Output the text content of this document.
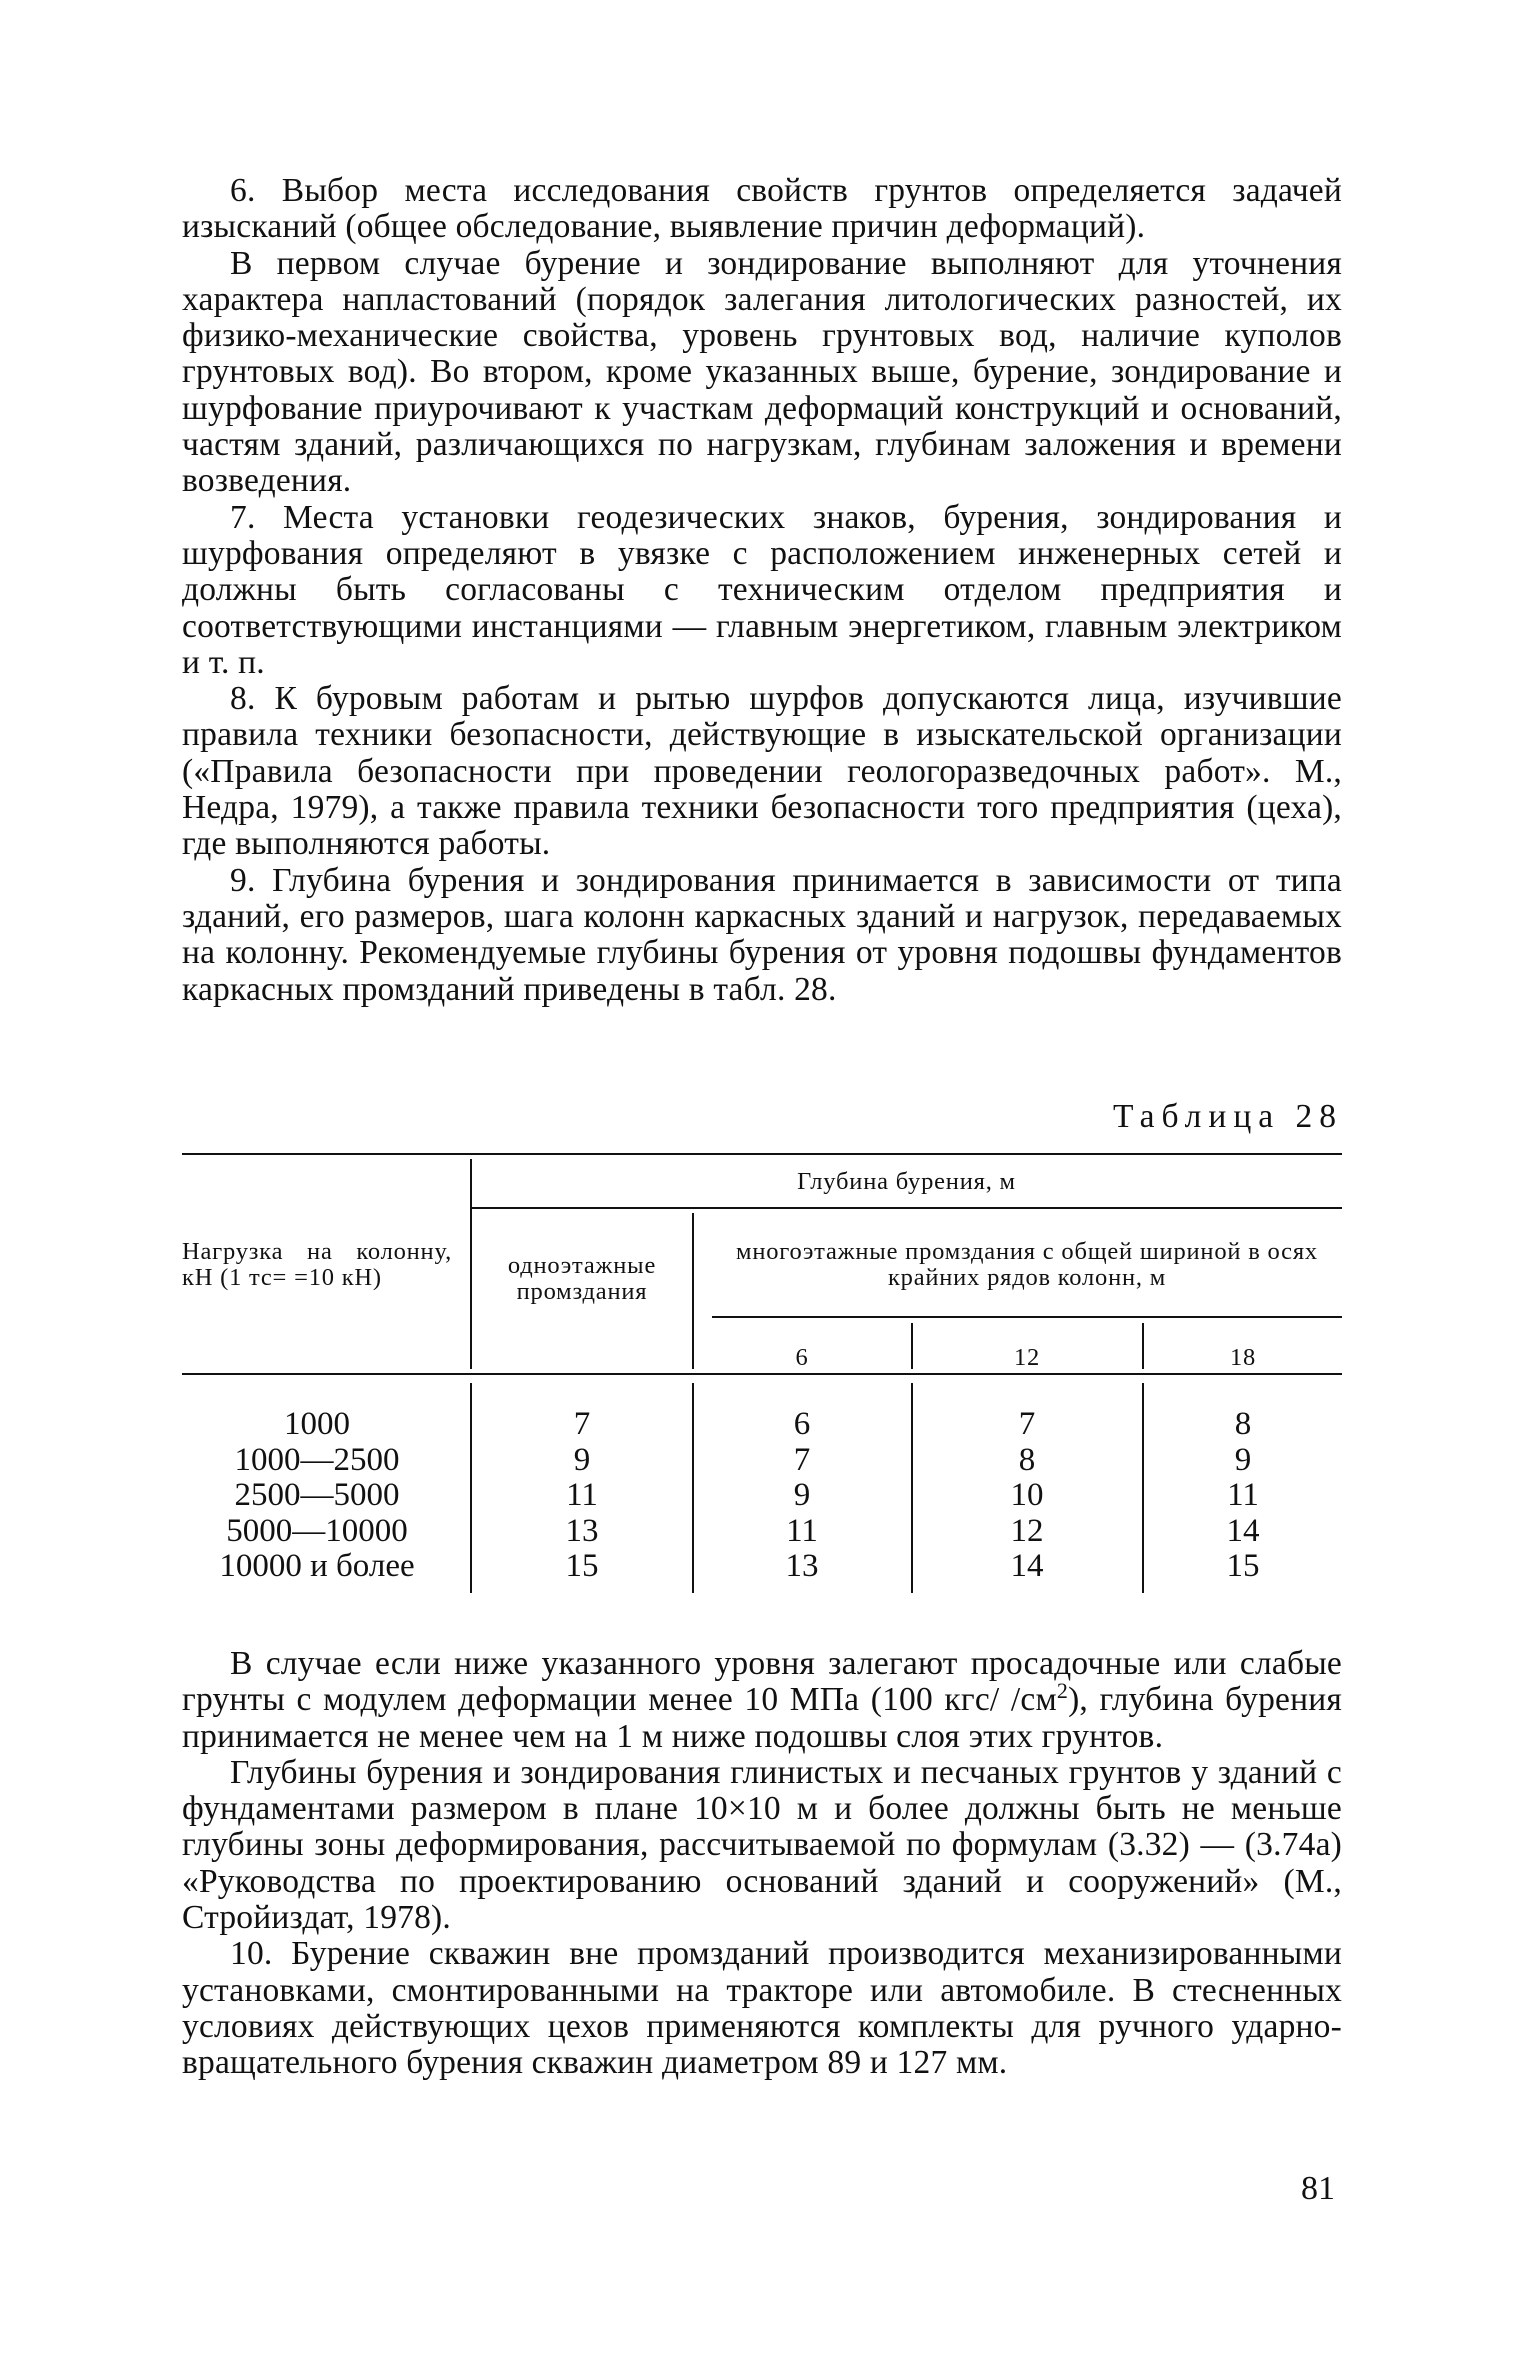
6. Выбор места исследования свойств грунтов определяется задачей изысканий (общее обследование, выявление причин деформаций).

В первом случае бурение и зондирование выполняют для уточнения характера напластований (порядок залегания литологических разностей, их физико-механические свойства, уровень грунтовых вод, наличие куполов грунтовых вод). Во втором, кроме указанных выше, бурение, зондирование и шурфование приурочивают к участкам деформаций конструкций и оснований, частям зданий, различающихся по нагрузкам, глубинам заложения и времени возведения.

7. Места установки геодезических знаков, бурения, зондирования и шурфования определяют в увязке с расположением инженерных сетей и должны быть согласованы с техническим отделом предприятия и соответствующими инстанциями — главным энергетиком, главным электриком и т. п.

8. К буровым работам и рытью шурфов допускаются лица, изучившие правила техники безопасности, действующие в изыскательской организации («Правила безопасности при проведении геологоразведочных работ». М., Недра, 1979), а также правила техники безопасности того предприятия (цеха), где выполняются работы.

9. Глубина бурения и зондирования принимается в зависимости от типа зданий, его размеров, шага колонн каркасных зданий и нагрузок, передаваемых на колонну. Рекомендуемые глубины бурения от уровня подошвы фундаментов каркасных промзданий приведены в табл. 28.

Таблица 28

Нагрузка на колонну, кН (1 тс= =10 кН)
Глубина бурения, м
одноэтажные промздания
многоэтажные промздания с общей шириной в осях крайних рядов колонн, м
6	12	18
1000
1000—2500
2500—5000
5000—10000
10000 и более
7
9
11
13
15
6
7
9
11
13
7
8
10
12
14
8
9
11
14
15

В случае если ниже указанного уровня залегают просадочные или слабые грунты с модулем деформации менее 10 МПа (100 кгс/ $/см^2$), глубина бурения принимается не менее чем на 1 м ниже подошвы слоя этих грунтов.

Глубины бурения и зондирования глинистых и песчаных грунтов у зданий с фундаментами размером в плане 10×10 м и более должны быть не меньше глубины зоны деформирования, рассчитываемой по формулам (3.32) — (3.74а) «Руководства по проектированию оснований зданий и сооружений» (М., Стройиздат, 1978).

10. Бурение скважин вне промзданий производится механизированными установками, смонтированными на тракторе или автомобиле. В стесненных условиях действующих цехов применяются комплекты для ручного ударно-вращательного бурения скважин диаметром 89 и 127 мм.

81
